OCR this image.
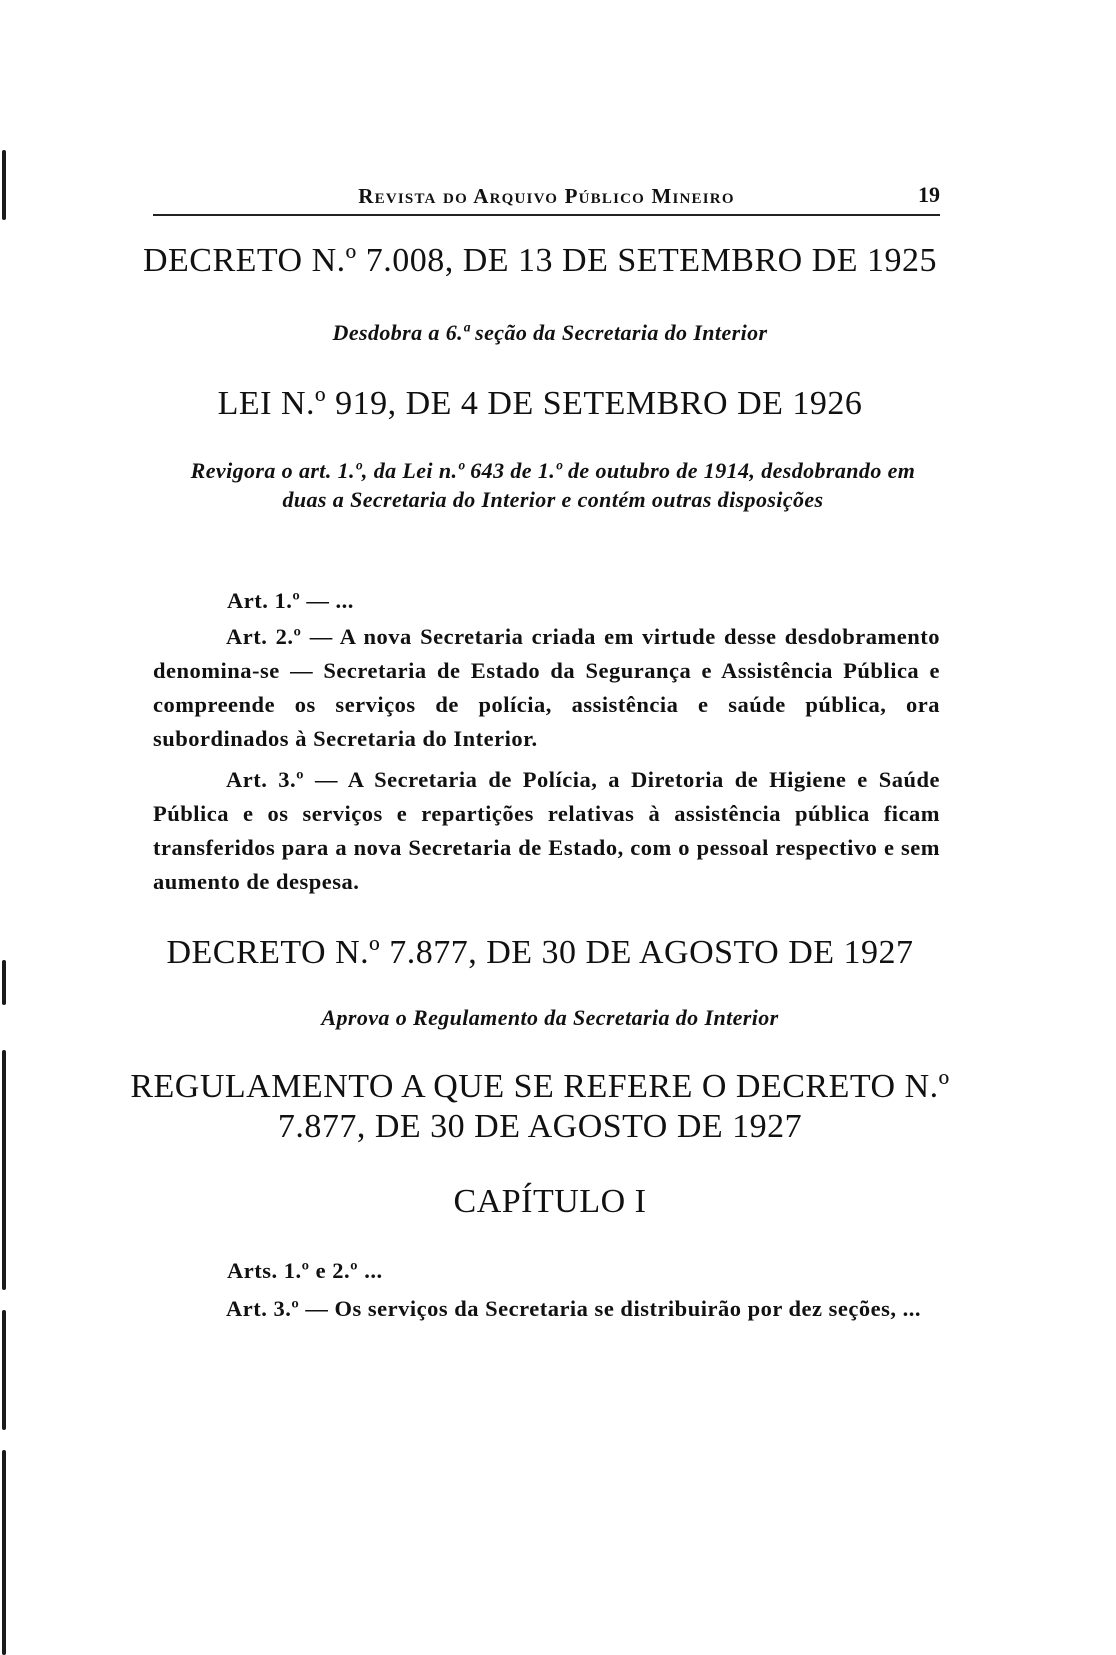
Revista do Arquivo Público Mineiro	19
DECRETO N.º 7.008, DE 13 DE SETEMBRO DE 1925
Desdobra a 6.ª seção da Secretaria do Interior
LEI N.º 919, DE 4 DE SETEMBRO DE 1926
Revigora o art. 1.º, da Lei n.º 643 de 1.º de outubro de 1914, desdobrando em duas a Secretaria do Interior e contém outras disposições
Art. 1.º — ...
Art. 2.º — A nova Secretaria criada em virtude desse desdobramento denomina-se — Secretaria de Estado da Segurança e Assistência Pública e compreende os serviços de polícia, assistência e saúde pública, ora subordinados à Secretaria do Interior.
Art. 3.º — A Secretaria de Polícia, a Diretoria de Higiene e Saúde Pública e os serviços e repartições relativas à assistência pública ficam transferidos para a nova Secretaria de Estado, com o pessoal respectivo e sem aumento de despesa.
DECRETO N.º 7.877, DE 30 DE AGOSTO DE 1927
Aprova o Regulamento da Secretaria do Interior
REGULAMENTO A QUE SE REFERE O DECRETO N.º
7.877, DE 30 DE AGOSTO DE 1927
CAPÍTULO I
Arts. 1.º e 2.º ...
Art. 3.º — Os serviços da Secretaria se distribuirão por dez seções, ...
